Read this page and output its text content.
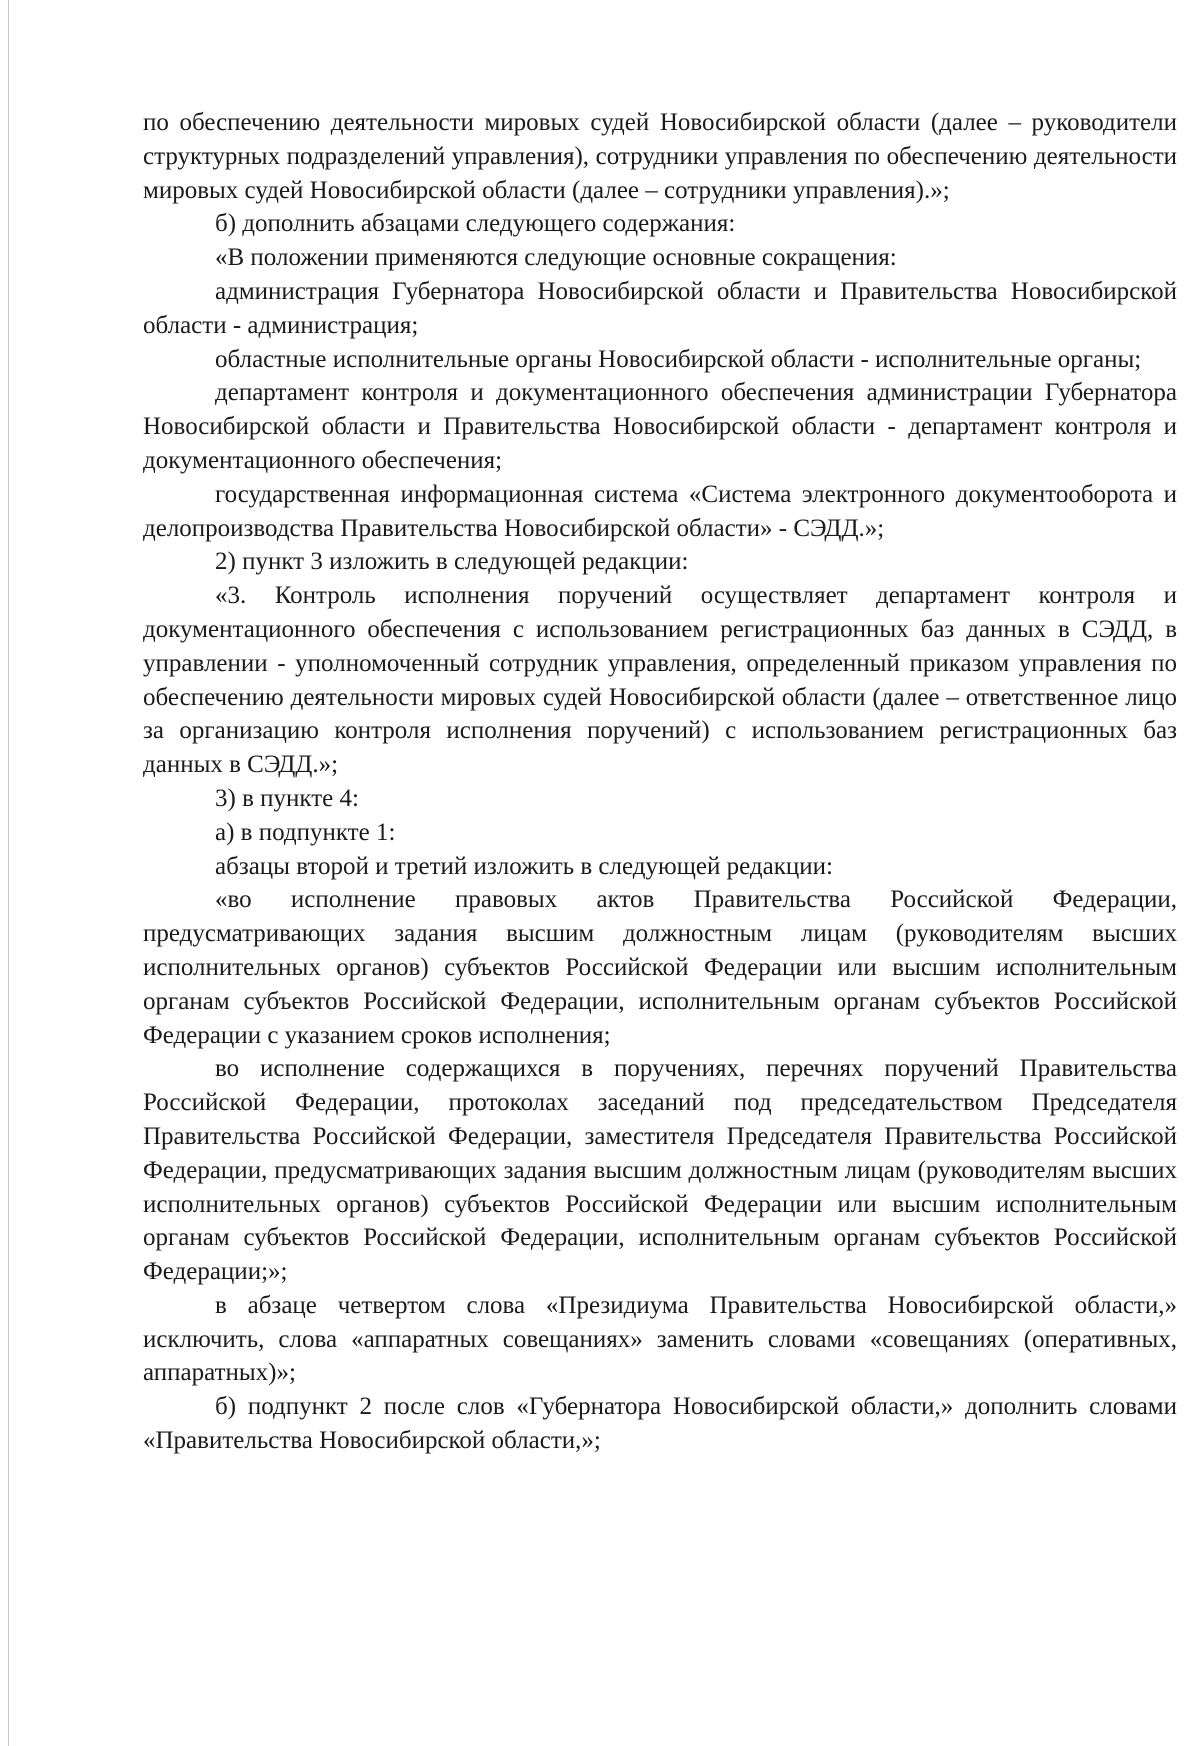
по обеспечению деятельности мировых судей Новосибирской области (далее – руководители структурных подразделений управления), сотрудники управления по обеспечению деятельности мировых судей Новосибирской области (далее – сотрудники управления).»;

б) дополнить абзацами следующего содержания:

«В положении применяются следующие основные сокращения:

администрация Губернатора Новосибирской области и Правительства Новосибирской области - администрация;

областные исполнительные органы Новосибирской области - исполнительные органы;

департамент контроля и документационного обеспечения администрации Губернатора Новосибирской области и Правительства Новосибирской области - департамент контроля и документационного обеспечения;

государственная информационная система «Система электронного документооборота и делопроизводства Правительства Новосибирской области» - СЭДД.»;

2) пункт 3 изложить в следующей редакции:

«3. Контроль исполнения поручений осуществляет департамент контроля и документационного обеспечения с использованием регистрационных баз данных в СЭДД, в управлении - уполномоченный сотрудник управления, определенный приказом управления по обеспечению деятельности мировых судей Новосибирской области (далее – ответственное лицо за организацию контроля исполнения поручений) с использованием регистрационных баз данных в СЭДД.»;

3) в пункте 4:

а) в подпункте 1:

абзацы второй и третий изложить в следующей редакции:

«во исполнение правовых актов Правительства Российской Федерации, предусматривающих задания высшим должностным лицам (руководителям высших исполнительных органов) субъектов Российской Федерации или высшим исполнительным органам субъектов Российской Федерации, исполнительным органам субъектов Российской Федерации с указанием сроков исполнения;

во исполнение содержащихся в поручениях, перечнях поручений Правительства Российской Федерации, протоколах заседаний под председательством Председателя Правительства Российской Федерации, заместителя Председателя Правительства Российской Федерации, предусматривающих задания высшим должностным лицам (руководителям высших исполнительных органов) субъектов Российской Федерации или высшим исполнительным органам субъектов Российской Федерации, исполнительным органам субъектов Российской Федерации;»;

в абзаце четвертом слова «Президиума Правительства Новосибирской области,» исключить, слова «аппаратных совещаниях» заменить словами «совещаниях (оперативных, аппаратных)»;

б) подпункт 2 после слов «Губернатора Новосибирской области,» дополнить словами «Правительства Новосибирской области,»;
